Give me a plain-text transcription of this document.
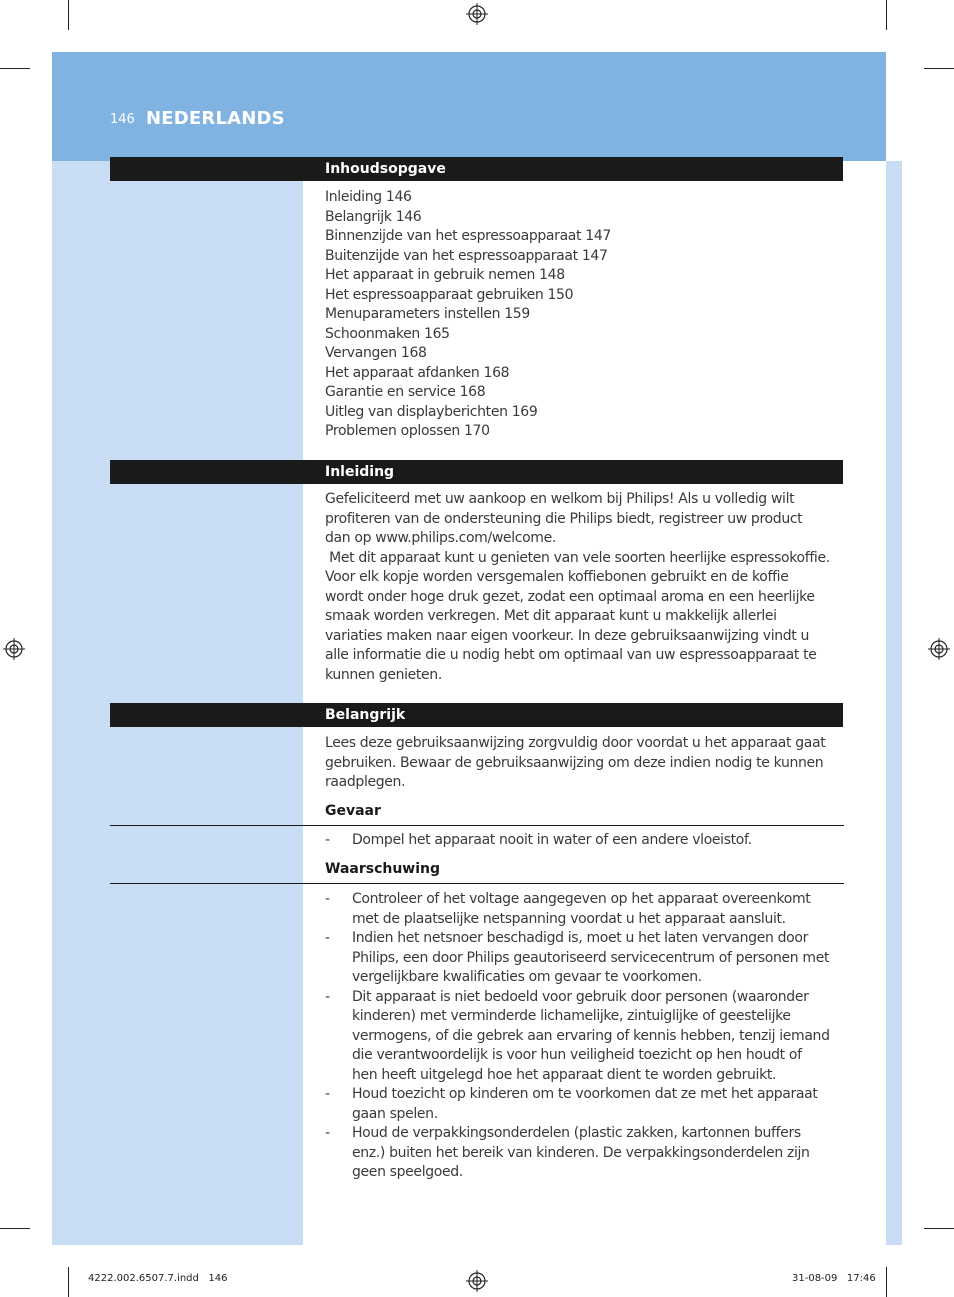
146 NEDERLANDS
Inhoudsopgave
Inleiding 146
Belangrijk 146
Binnenzijde van het espressoapparaat 147
Buitenzijde van het espressoapparaat 147
Het apparaat in gebruik nemen 148
Het espressoapparaat gebruiken 150
Menuparameters instellen 159
Schoonmaken 165
Vervangen 168
Het apparaat afdanken 168
Garantie en service 168
Uitleg van displayberichten 169
Problemen oplossen 170
Inleiding
Gefeliciteerd met uw aankoop en welkom bij Philips! Als u volledig wilt
profiteren van de ondersteuning die Philips biedt, registreer uw product
dan op www.philips.com/welcome.
Met dit apparaat kunt u genieten van vele soorten heerlijke espressokoffie.
Voor elk kopje worden versgemalen koffiebonen gebruikt en de koffie
wordt onder hoge druk gezet, zodat een optimaal aroma en een heerlijke
smaak worden verkregen. Met dit apparaat kunt u makkelijk allerlei
variaties maken naar eigen voorkeur. In deze gebruiksaanwijzing vindt u
alle informatie die u nodig hebt om optimaal van uw espressoapparaat te
kunnen genieten.
Belangrijk
Lees deze gebruiksaanwijzing zorgvuldig door voordat u het apparaat gaat
gebruiken. Bewaar de gebruiksaanwijzing om deze indien nodig te kunnen
raadplegen.
Gevaar
- Dompel het apparaat nooit in water of een andere vloeistof.
Waarschuwing
- Controleer of het voltage aangegeven op het apparaat overeenkomt
met de plaatselijke netspanning voordat u het apparaat aansluit.
- Indien het netsnoer beschadigd is, moet u het laten vervangen door
Philips, een door Philips geautoriseerd servicecentrum of personen met
vergelijkbare kwalificaties om gevaar te voorkomen.
- Dit apparaat is niet bedoeld voor gebruik door personen (waaronder
kinderen) met verminderde lichamelijke, zintuiglijke of geestelijke
vermogens, of die gebrek aan ervaring of kennis hebben, tenzij iemand
die verantwoordelijk is voor hun veiligheid toezicht op hen houdt of
hen heeft uitgelegd hoe het apparaat dient te worden gebruikt.
- Houd toezicht op kinderen om te voorkomen dat ze met het apparaat
gaan spelen.
- Houd de verpakkingsonderdelen (plastic zakken, kartonnen buffers
enz.) buiten het bereik van kinderen. De verpakkingsonderdelen zijn
geen speelgoed.
4222.002.6507.7.indd   146	31-08-09   17:46
